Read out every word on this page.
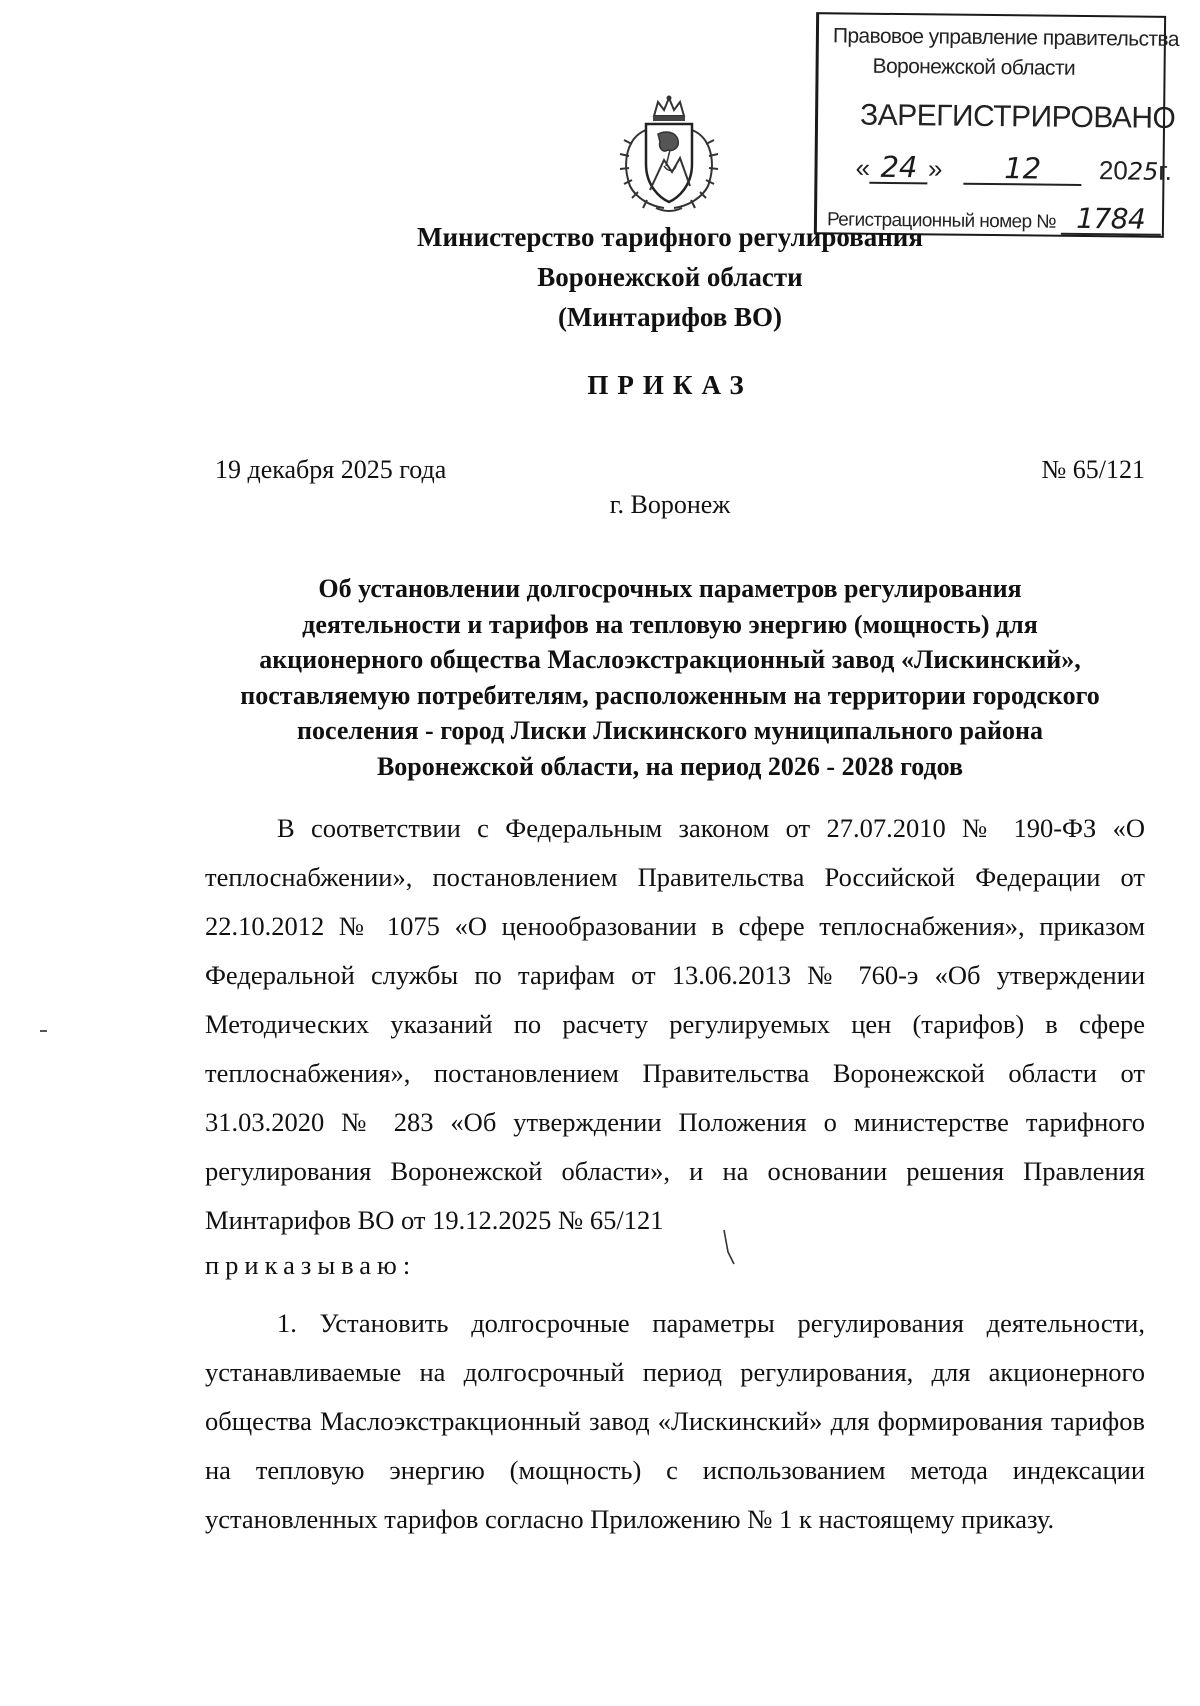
Правовое управление правительства
Воронежской области
ЗАРЕГИСТРИРОВАНО
« 24 » 12 2025г.
Регистрационный номер № 1784
Министерство тарифного регулирования
Воронежской области
(Минтарифов ВО)
ПРИКАЗ
19 декабря 2025 года	№ 65/121
г. Воронеж
Об установлении долгосрочных параметров регулирования
деятельности и тарифов на тепловую энергию (мощность) для
акционерного общества Маслоэкстракционный завод «Лискинский»,
поставляемую потребителям, расположенным на территории городского
поселения - город Лиски Лискинского муниципального района
Воронежской области, на период 2026 - 2028 годов
В соответствии с Федеральным законом от 27.07.2010 № 190-ФЗ «О теплоснабжении», постановлением Правительства Российской Федерации от 22.10.2012 № 1075 «О ценообразовании в сфере теплоснабжения», приказом Федеральной службы по тарифам от 13.06.2013 № 760-э «Об утверждении Методических указаний по расчету регулируемых цен (тарифов) в сфере теплоснабжения», постановлением Правительства Воронежской области от 31.03.2020 № 283 «Об утверждении Положения о министерстве тарифного регулирования Воронежской области», и на основании решения Правления Минтарифов ВО от 19.12.2025 № 65/121
приказываю:
1. Установить долгосрочные параметры регулирования деятельности, устанавливаемые на долгосрочный период регулирования, для акционерного общества Маслоэкстракционный завод «Лискинский» для формирования тарифов на тепловую энергию (мощность) с использованием метода индексации установленных тарифов согласно Приложению № 1 к настоящему приказу.
